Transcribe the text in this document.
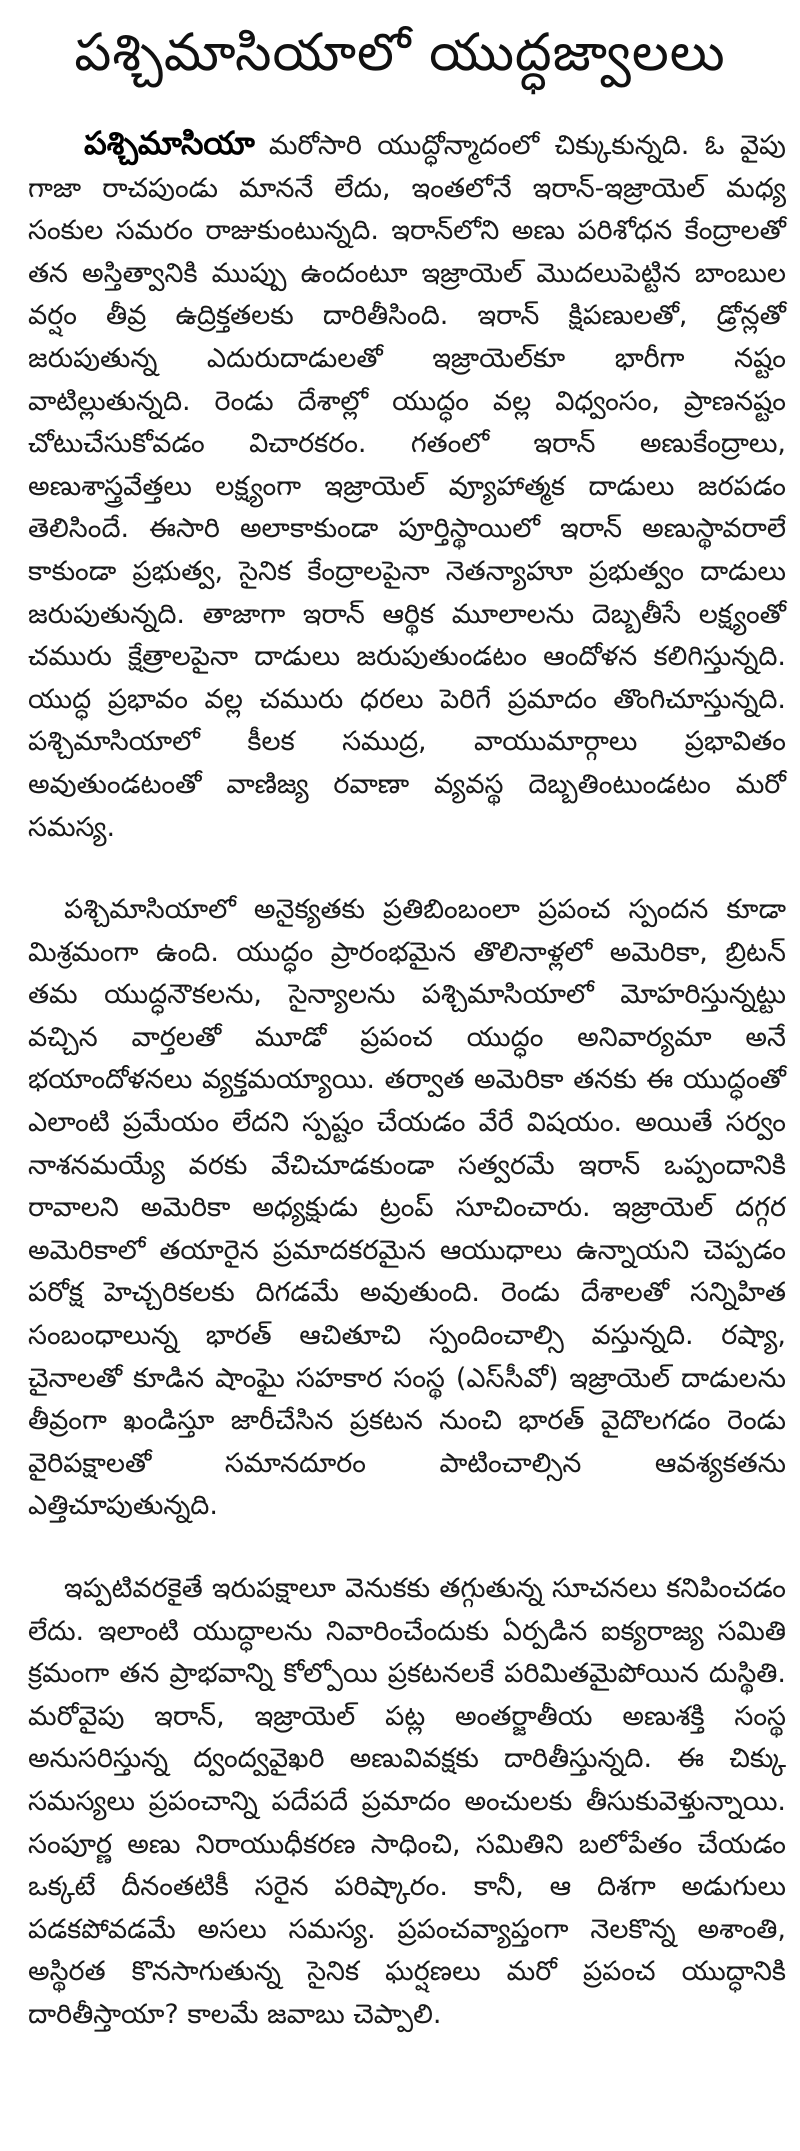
పశ్చిమాసియాలో యుద్ధజ్వాలలు

పశ్చిమాసియా మరోసారి యుద్ధోన్మాదంలో చిక్కుకున్నది. ఓ వైపు గాజా రాచపుండు మాననే లేదు, ఇంతలోనే ఇరాన్-ఇజ్రాయెల్ మధ్య సంకుల సమరం రాజుకుంటున్నది. ఇరాన్‌లోని అణు పరిశోధన కేంద్రాలతో తన అస్తిత్వానికి ముప్పు ఉందంటూ ఇజ్రాయెల్ మొదలుపెట్టిన బాంబుల వర్షం తీవ్ర ఉద్రిక్తతలకు దారితీసింది. ఇరాన్ క్షిపణులతో, డ్రోన్లతో జరుపుతున్న ఎదురుదాడులతో ఇజ్రాయెల్‌కూ భారీగా నష్టం వాటిల్లుతున్నది. రెండు దేశాల్లో యుద్ధం వల్ల విధ్వంసం, ప్రాణనష్టం చోటుచేసుకోవడం విచారకరం. గతంలో ఇరాన్ అణుకేంద్రాలు, అణుశాస్త్రవేత్తలు లక్ష్యంగా ఇజ్రాయెల్ వ్యూహాత్మక దాడులు జరపడం తెలిసిందే. ఈసారి అలాకాకుండా పూర్తిస్థాయిలో ఇరాన్ అణుస్థావరాలే కాకుండా ప్రభుత్వ, సైనిక కేంద్రాలపైనా నెతన్యాహూ ప్రభుత్వం దాడులు జరుపుతున్నది. తాజాగా ఇరాన్ ఆర్థిక మూలాలను దెబ్బతీసే లక్ష్యంతో చమురు క్షేత్రాలపైనా దాడులు జరుపుతుండటం ఆందోళన కలిగిస్తున్నది. యుద్ధ ప్రభావం వల్ల చమురు ధరలు పెరిగే ప్రమాదం తొంగిచూస్తున్నది. పశ్చిమాసియాలో కీలక సముద్ర, వాయుమార్గాలు ప్రభావితం అవుతుండటంతో వాణిజ్య రవాణా వ్యవస్థ దెబ్బతింటుండటం మరో సమస్య.

పశ్చిమాసియాలో అనైక్యతకు ప్రతిబింబంలా ప్రపంచ స్పందన కూడా మిశ్రమంగా ఉంది. యుద్ధం ప్రారంభమైన తొలినాళ్లలో అమెరికా, బ్రిటన్ తమ యుద్ధనౌకలను, సైన్యాలను పశ్చిమాసియాలో మోహరిస్తున్నట్టు వచ్చిన వార్తలతో మూడో ప్రపంచ యుద్ధం అనివార్యమా అనే భయాందోళనలు వ్యక్తమయ్యాయి. తర్వాత అమెరికా తనకు ఈ యుద్ధంతో ఎలాంటి ప్రమేయం లేదని స్పష్టం చేయడం వేరే విషయం. అయితే సర్వం నాశనమయ్యే వరకు వేచిచూడకుండా సత్వరమే ఇరాన్ ఒప్పందానికి రావాలని అమెరికా అధ్యక్షుడు ట్రంప్ సూచించారు. ఇజ్రాయెల్ దగ్గర అమెరికాలో తయారైన ప్రమాదకరమైన ఆయుధాలు ఉన్నాయని చెప్పడం పరోక్ష హెచ్చరికలకు దిగడమే అవుతుంది. రెండు దేశాలతో సన్నిహిత సంబంధాలున్న భారత్ ఆచితూచి స్పందించాల్సి వస్తున్నది. రష్యా, చైనాలతో కూడిన షాంఘై సహకార సంస్థ (ఎస్‌సీవో) ఇజ్రాయెల్ దాడులను తీవ్రంగా ఖండిస్తూ జారీచేసిన ప్రకటన నుంచి భారత్ వైదొలగడం రెండు వైరిపక్షాలతో సమానదూరం పాటించాల్సిన ఆవశ్యకతను ఎత్తిచూపుతున్నది.

ఇప్పటివరకైతే ఇరుపక్షాలూ వెనుకకు తగ్గుతున్న సూచనలు కనిపించడం లేదు. ఇలాంటి యుద్ధాలను నివారించేందుకు ఏర్పడిన ఐక్యరాజ్య సమితి క్రమంగా తన ప్రాభవాన్ని కోల్పోయి ప్రకటనలకే పరిమితమైపోయిన దుస్థితి. మరోవైపు ఇరాన్, ఇజ్రాయెల్ పట్ల అంతర్జాతీయ అణుశక్తి సంస్థ అనుసరిస్తున్న ద్వంద్వవైఖరి అణువివక్షకు దారితీస్తున్నది. ఈ చిక్కు సమస్యలు ప్రపంచాన్ని పదేపదే ప్రమాదం అంచులకు తీసుకువెళ్తున్నాయి. సంపూర్ణ అణు నిరాయుధీకరణ సాధించి, సమితిని బలోపేతం చేయడం ఒక్కటే దీనంతటికీ సరైన పరిష్కారం. కానీ, ఆ దిశగా అడుగులు పడకపోవడమే అసలు సమస్య. ప్రపంచవ్యాప్తంగా నెలకొన్న అశాంతి, అస్థిరత కొనసాగుతున్న సైనిక ఘర్షణలు మరో ప్రపంచ యుద్ధానికి దారితీస్తాయా? కాలమే జవాబు చెప్పాలి.
